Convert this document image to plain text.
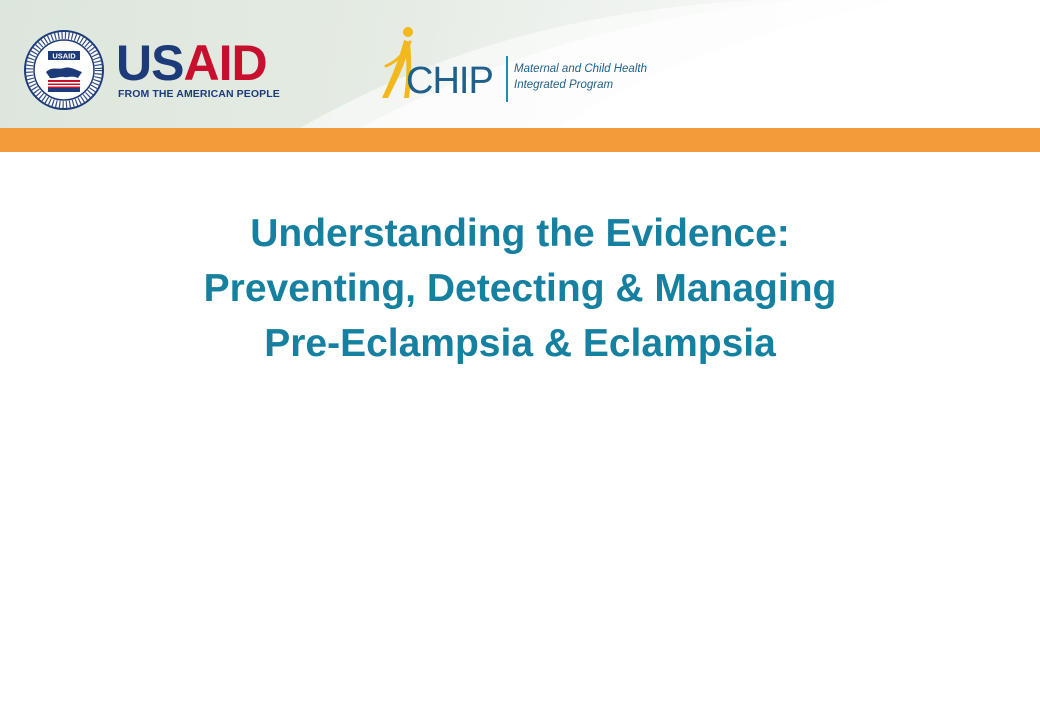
USAID USAID
FROM THE AMERICAN PEOPLE	CHIP Maternal and Child Health
Integrated Program
Understanding the Evidence:
Preventing, Detecting & Managing
Pre-Eclampsia & Eclampsia
